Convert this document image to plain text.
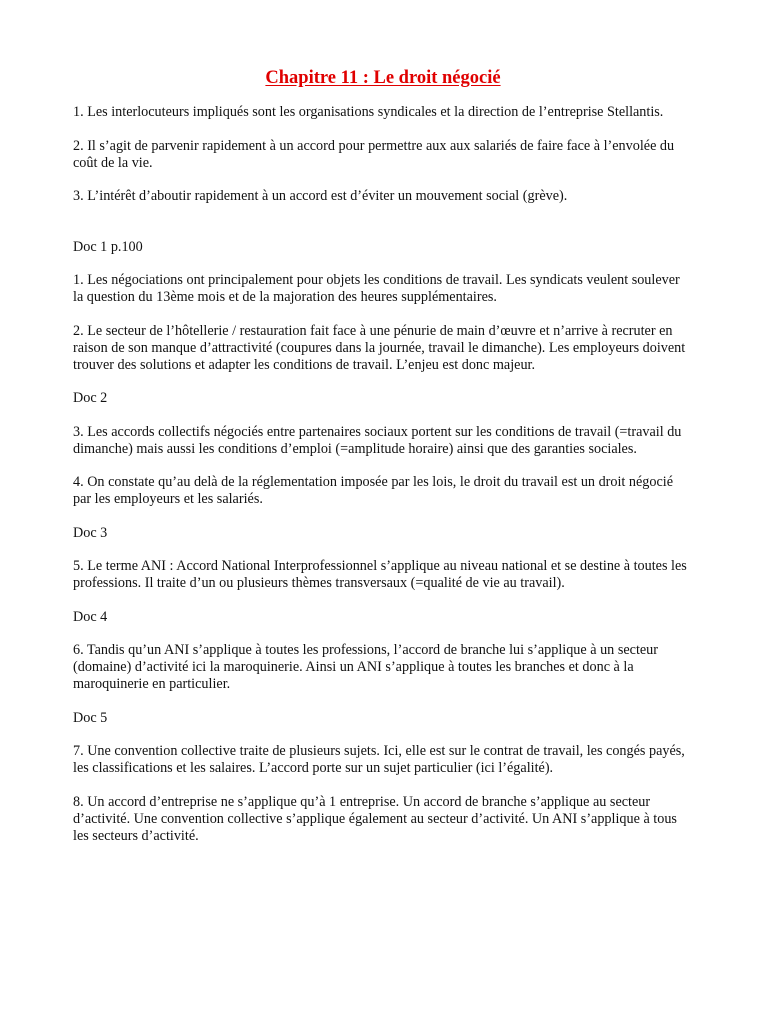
Chapitre 11 : Le droit négocié

1. Les interlocuteurs impliqués sont les organisations syndicales et la direction de l’entreprise Stellantis.

2. Il s’agit de parvenir rapidement à un accord pour permettre aux aux salariés de faire face à l’envolée du coût de la vie.

3. L’intérêt d’aboutir rapidement à un accord est d’éviter un mouvement social (grève).

Doc 1 p.100

1. Les négociations ont principalement pour objets les conditions de travail. Les syndicats veulent soulever la question du 13ème mois et de la majoration des heures supplémentaires.

2. Le secteur de l’hôtellerie / restauration fait face à une pénurie de main d’œuvre et n’arrive à recruter en raison de son manque d’attractivité (coupures dans la journée, travail le dimanche). Les employeurs doivent trouver des solutions et adapter les conditions de travail. L’enjeu est donc majeur.

Doc 2

3. Les accords collectifs négociés entre partenaires sociaux portent sur les conditions de travail (=travail du dimanche) mais aussi les conditions d’emploi (=amplitude horaire) ainsi que des garanties sociales.

4. On constate qu’au delà de la réglementation imposée par les lois, le droit du travail est un droit négocié par les employeurs et les salariés.

Doc 3

5. Le terme ANI : Accord National Interprofessionnel s’applique au niveau national et se destine à toutes les professions. Il traite d’un ou plusieurs thèmes transversaux (=qualité de vie au travail).

Doc 4

6. Tandis qu’un ANI s’applique à toutes les professions, l’accord de branche lui s’applique à un secteur (domaine) d’activité ici la maroquinerie. Ainsi un ANI s’applique à toutes les branches et donc à la maroquinerie en particulier.

Doc 5

7. Une convention collective traite de plusieurs sujets. Ici, elle est sur le contrat de travail, les congés payés, les classifications et les salaires. L’accord porte sur un sujet particulier (ici l’égalité).

8. Un accord d’entreprise ne s’applique qu’à 1 entreprise. Un accord de branche s’applique au secteur d’activité. Une convention collective s’applique également au secteur d’activité. Un ANI s’applique à tous les secteurs d’activité.
